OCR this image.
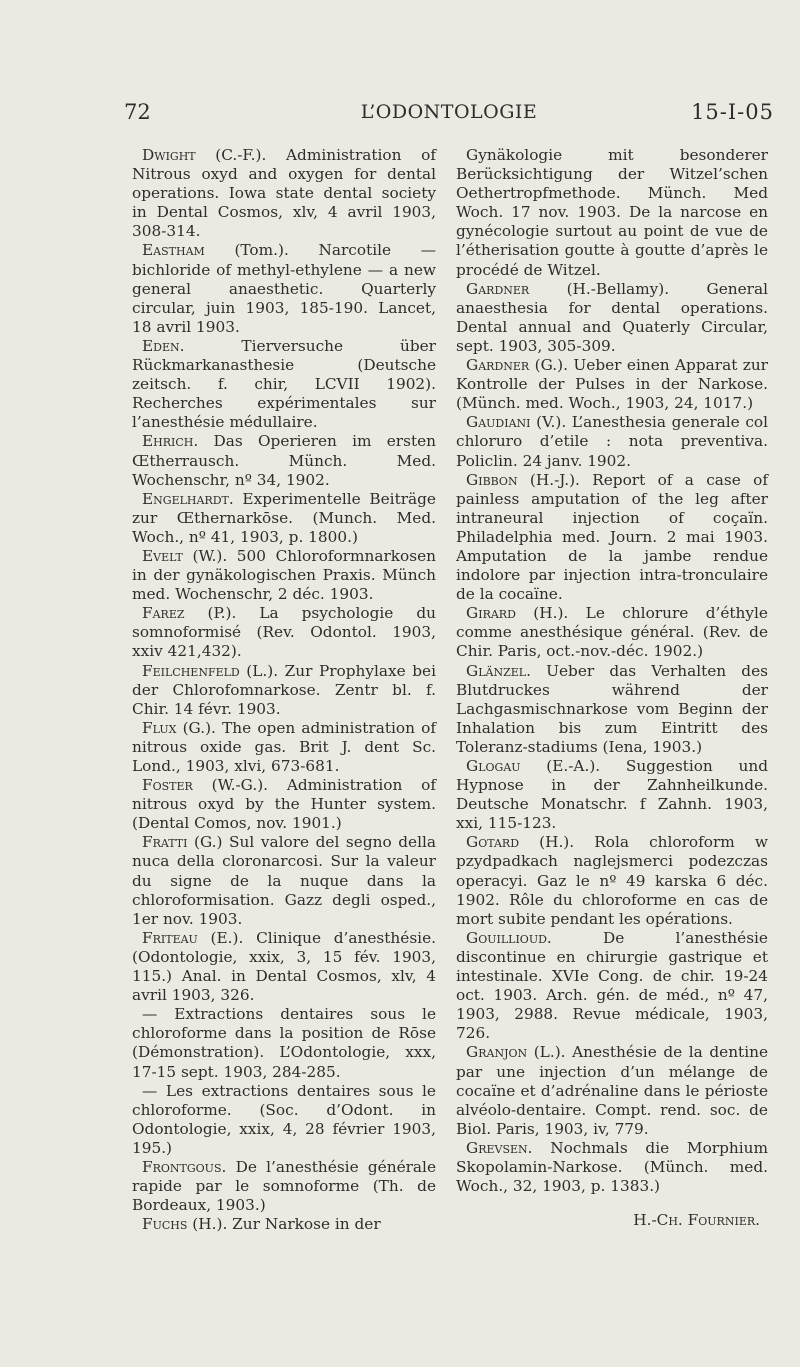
72	L’ODONTOLOGIE	15-I-05

Dwight (C.-F.). Administration of Nitrous oxyd and oxygen for dental operations. Iowa state dental society in Dental Cosmos, xlv, 4 avril 1903, 308-314.

Eastham (Tom.). Narcotile — bichloride of methyl-ethylene — a new general anaesthetic. Quarterly circular, juin 1903, 185-190. Lancet, 18 avril 1903.

Eden. Tierversuche über Rückmarkanasthesie (Deutsche zeitsch. f. chir, LCVII 1902). Recherches expérimentales sur l’anesthésie médullaire.

Ehrich. Das Operieren im ersten Œtherrausch. Münch. Med. Wochenschr, nº 34, 1902.

Engelhardt. Experimentelle Beiträge zur Œthernarkōse. (Munch. Med. Woch., nº 41, 1903, p. 1800.)

Evelt (W.). 500 Chloroformnarkosen in der gynäkologischen Praxis. Münch med. Wochenschr, 2 déc. 1903.

Farez (P.). La psychologie du somnoformisé (Rev. Odontol. 1903, xxiv 421,432).

Feilchenfeld (L.). Zur Prophylaxe bei der Chlorofomnarkose. Zentr bl. f. Chir. 14 févr. 1903.

Flux (G.). The open administration of nitrous oxide gas. Brit J. dent Sc. Lond., 1903, xlvi, 673-681.

Foster (W.-G.). Administration of nitrous oxyd by the Hunter system. (Dental Comos, nov. 1901.)

Fratti (G.) Sul valore del segno della nuca della cloronarcosi. Sur la valeur du signe de la nuque dans la chloroformisation. Gazz degli osped., 1er nov. 1903.

Friteau (E.). Clinique d’anesthésie. (Odontologie, xxix, 3, 15 fév. 1903, 115.) Anal. in Dental Cosmos, xlv, 4 avril 1903, 326.

— Extractions dentaires sous le chloroforme dans la position de Rōse (Démonstration). L’Odontologie, xxx, 17-15 sept. 1903, 284-285.

— Les extractions dentaires sous le chloroforme. (Soc. d’Odont. in Odontologie, xxix, 4, 28 février 1903, 195.)

Frontgous. De l’anesthésie générale rapide par le somnoforme (Th. de Bordeaux, 1903.)

Fuchs (H.). Zur Narkose in der

Gynäkologie mit besonderer Berücksichtigung der Witzel’schen Oethertropfmethode. Münch. Med Woch. 17 nov. 1903. De la narcose en gynécologie surtout au point de vue de l’étherisation goutte à goutte d’après le procédé de Witzel.

Gardner (H.-Bellamy). General anaesthesia for dental operations. Dental annual and Quaterly Circular, sept. 1903, 305-309.

Gardner (G.). Ueber einen Apparat zur Kontrolle der Pulses in der Narkose. (Münch. med. Woch., 1903, 24, 1017.)

Gaudiani (V.). L’anesthesia generale col chloruro d’etile : nota preventiva. Policlin. 24 janv. 1902.

Gibbon (H.-J.). Report of a case of painless amputation of the leg after intraneural injection of coçaïn. Philadelphia med. Journ. 2 mai 1903. Amputation de la jambe rendue indolore par injection intra-tronculaire de la cocaïne.

Girard (H.). Le chlorure d’éthyle comme anesthésique général. (Rev. de Chir. Paris, oct.-nov.-déc. 1902.)

Glänzel. Ueber das Verhalten des Blutdruckes während der Lachgasmischnarkose vom Beginn der Inhalation bis zum Eintritt des Toleranz-stadiums (Iena, 1903.)

Glogau (E.-A.). Suggestion und Hypnose in der Zahnheilkunde. Deutsche Monatschr. f Zahnh. 1903, xxi, 115-123.

Gotard (H.). Rola chloroform w pzydpadkach naglejsmerci podezczas operacyi. Gaz le nº 49 karska 6 déc. 1902. Rôle du chloroforme en cas de mort subite pendant les opérations.

Gouillioud. De l’anesthésie discontinue en chirurgie gastrique et intestinale. XVIe Cong. de chir. 19-24 oct. 1903. Arch. gén. de méd., nº 47, 1903, 2988. Revue médicale, 1903, 726.

Granjon (L.). Anesthésie de la dentine par une injection d’un mélange de cocaïne et d’adrénaline dans le périoste alvéolo-dentaire. Compt. rend. soc. de Biol. Paris, 1903, iv, 779.

Grevsen. Nochmals die Morphium Skopolamin-Narkose. (Münch. med. Woch., 32, 1903, p. 1383.)

H.-Ch. Fournier.
